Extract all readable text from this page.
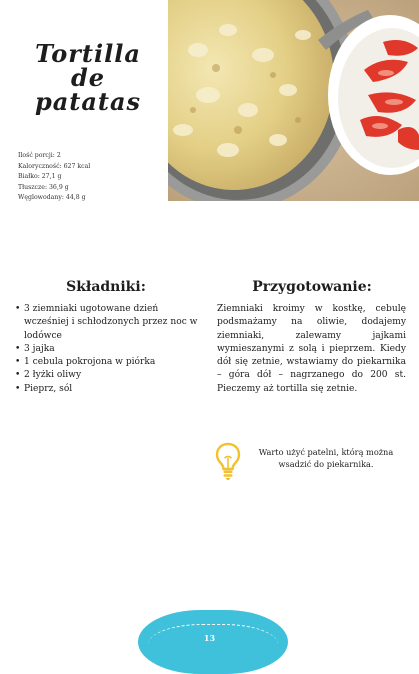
Tortilla
de patatas
Ilość porcji: 2
Kaloryczność: 627 kcal
Białko: 27,1 g
Tłuszcze: 36,9 g
Węglowodany: 44,8 g
Składniki:
• 3 ziemniaki ugotowane dzień wcześniej i schłodzonych przez noc w lodówce
• 3 jajka
• 1 cebula pokrojona w piórka
• 2 łyżki oliwy
• Pieprz, sól
Przygotowanie:
Ziemniaki kroimy w kostkę, cebulę podsmażamy na oliwie, dodajemy ziemniaki, zalewamy jajkami wymieszanymi z solą i pieprzem. Kiedy dół się zetnie, wstawiamy do piekarnika – góra dół – nagrzanego do 200 st. Pieczemy aż tortilla się zetnie.
Warto użyć patelni, którą można wsadzić do piekarnika.
13
